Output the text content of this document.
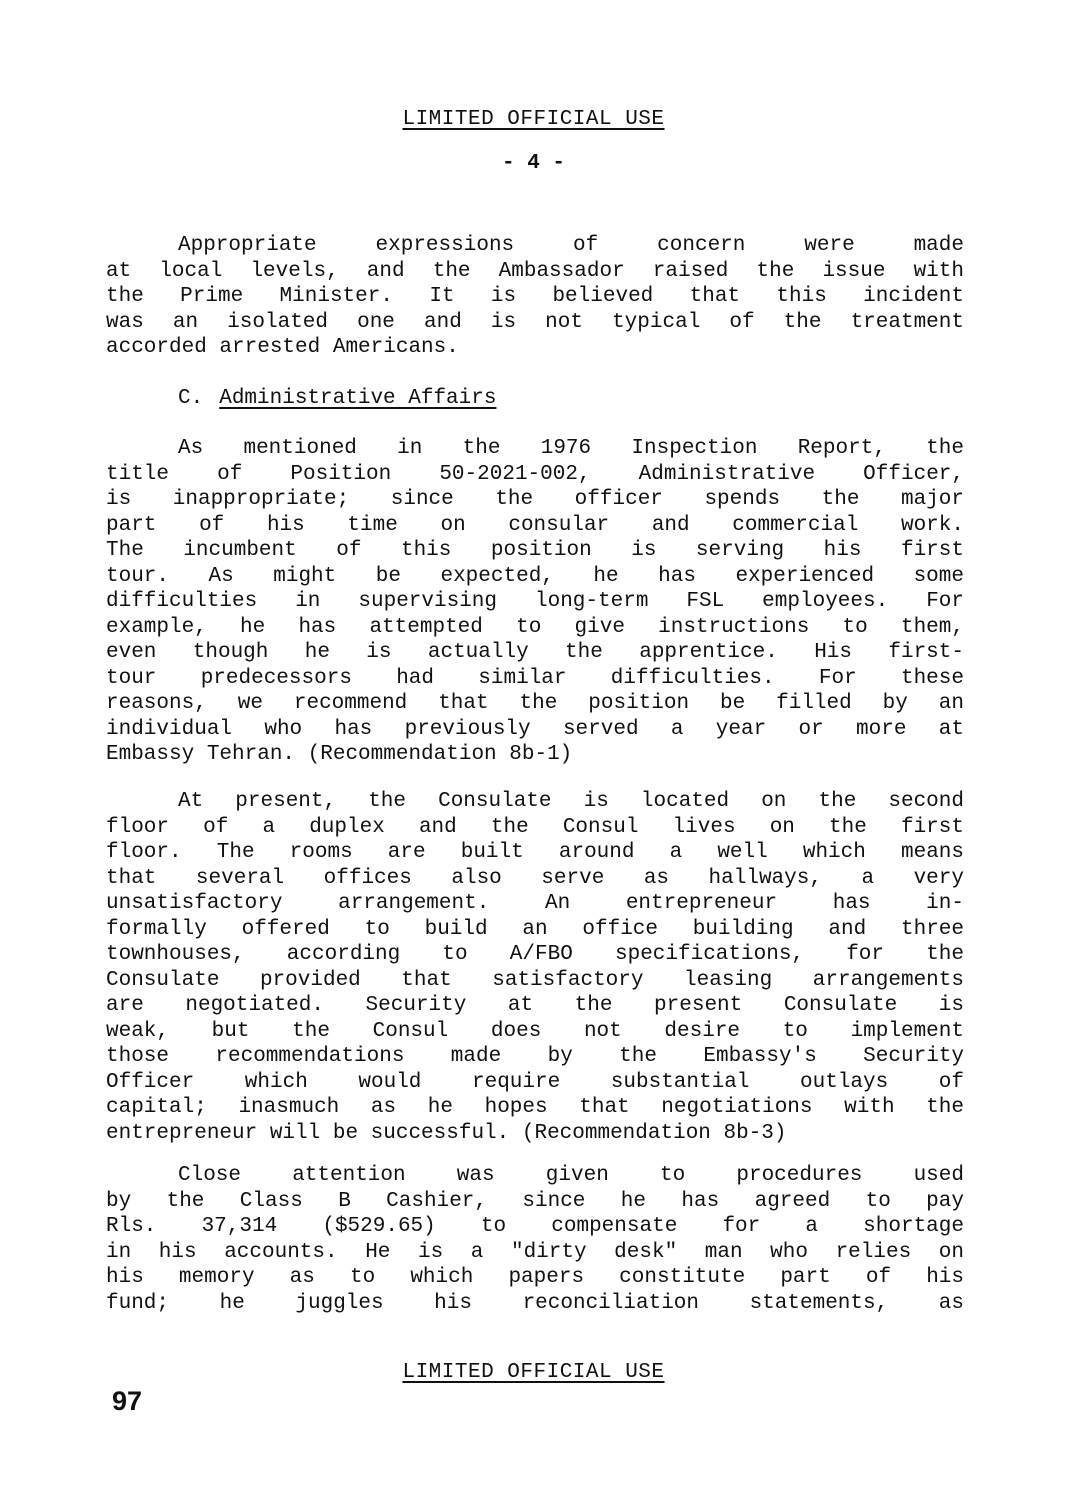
LIMITED OFFICIAL USE
- 4 -
Appropriate expressions of concern were made
at local levels, and the Ambassador raised the issue with
the Prime Minister. It is believed that this incident
was an isolated one and is not typical of the treatment
accorded arrested Americans.
C. Administrative Affairs
As mentioned in the 1976 Inspection Report, the
title of Position 50-2021-002, Administrative Officer,
is inappropriate; since the officer spends the major
part of his time on consular and commercial work.
The incumbent of this position is serving his first
tour. As might be expected, he has experienced some
difficulties in supervising long-term FSL employees. For
example, he has attempted to give instructions to them,
even though he is actually the apprentice. His first-
tour predecessors had similar difficulties. For these
reasons, we recommend that the position be filled by an
individual who has previously served a year or more at
Embassy Tehran. (Recommendation 8b-1)
At present, the Consulate is located on the second
floor of a duplex and the Consul lives on the first
floor. The rooms are built around a well which means
that several offices also serve as hallways, a very
unsatisfactory arrangement. An entrepreneur has in-
formally offered to build an office building and three
townhouses, according to A/FBO specifications, for the
Consulate provided that satisfactory leasing arrangements
are negotiated. Security at the present Consulate is
weak, but the Consul does not desire to implement
those recommendations made by the Embassy's Security
Officer which would require substantial outlays of
capital; inasmuch as he hopes that negotiations with the
entrepreneur will be successful. (Recommendation 8b-3)
Close attention was given to procedures used
by the Class B Cashier, since he has agreed to pay
Rls. 37,314 ($529.65) to compensate for a shortage
in his accounts. He is a "dirty desk" man who relies on
his memory as to which papers constitute part of his
fund; he juggles his reconciliation statements, as
LIMITED OFFICIAL USE
97
